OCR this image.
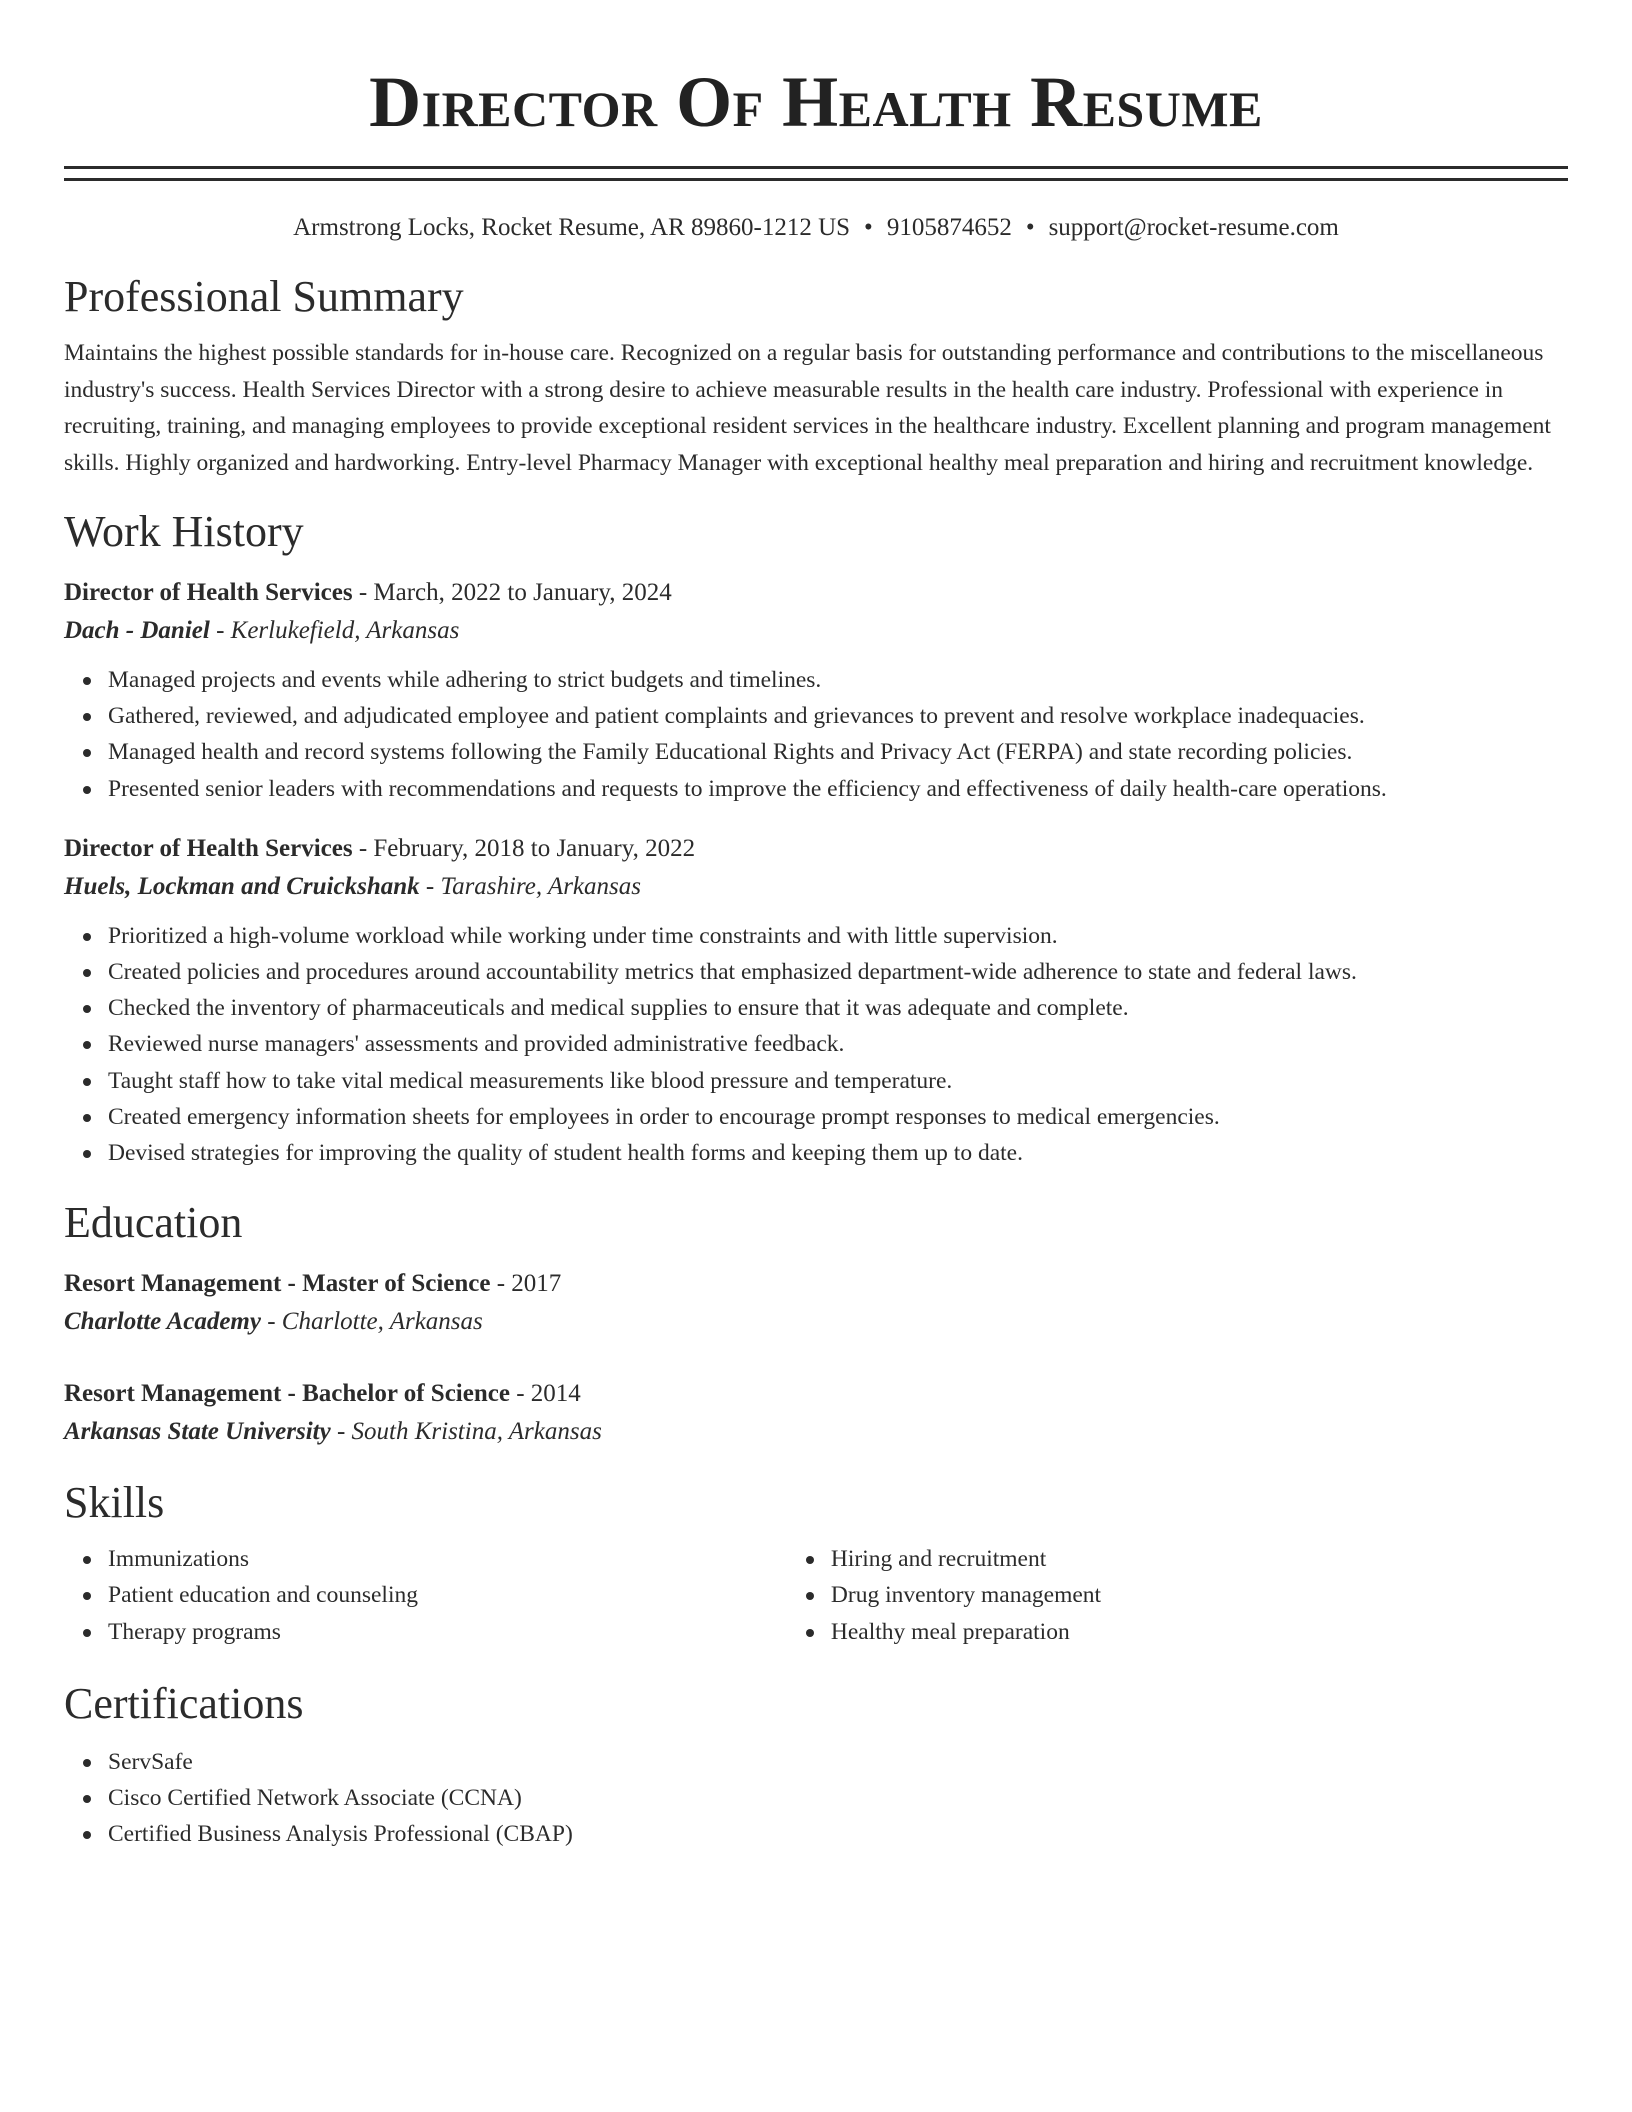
Director Of Health Resume
Armstrong Locks, Rocket Resume, AR 89860-1212 US • 9105874652 • support@rocket-resume.com
Professional Summary
Maintains the highest possible standards for in-house care. Recognized on a regular basis for outstanding performance and contributions to the miscellaneous industry's success. Health Services Director with a strong desire to achieve measurable results in the health care industry. Professional with experience in recruiting, training, and managing employees to provide exceptional resident services in the healthcare industry. Excellent planning and program management skills. Highly organized and hardworking. Entry-level Pharmacy Manager with exceptional healthy meal preparation and hiring and recruitment knowledge.
Work History
Director of Health Services - March, 2022 to January, 2024
Dach - Daniel - Kerlukefield, Arkansas
Managed projects and events while adhering to strict budgets and timelines.
Gathered, reviewed, and adjudicated employee and patient complaints and grievances to prevent and resolve workplace inadequacies.
Managed health and record systems following the Family Educational Rights and Privacy Act (FERPA) and state recording policies.
Presented senior leaders with recommendations and requests to improve the efficiency and effectiveness of daily health-care operations.
Director of Health Services - February, 2018 to January, 2022
Huels, Lockman and Cruickshank - Tarashire, Arkansas
Prioritized a high-volume workload while working under time constraints and with little supervision.
Created policies and procedures around accountability metrics that emphasized department-wide adherence to state and federal laws.
Checked the inventory of pharmaceuticals and medical supplies to ensure that it was adequate and complete.
Reviewed nurse managers' assessments and provided administrative feedback.
Taught staff how to take vital medical measurements like blood pressure and temperature.
Created emergency information sheets for employees in order to encourage prompt responses to medical emergencies.
Devised strategies for improving the quality of student health forms and keeping them up to date.
Education
Resort Management - Master of Science - 2017
Charlotte Academy - Charlotte, Arkansas
Resort Management - Bachelor of Science - 2014
Arkansas State University - South Kristina, Arkansas
Skills
Immunizations
Patient education and counseling
Therapy programs
Hiring and recruitment
Drug inventory management
Healthy meal preparation
Certifications
ServSafe
Cisco Certified Network Associate (CCNA)
Certified Business Analysis Professional (CBAP)
